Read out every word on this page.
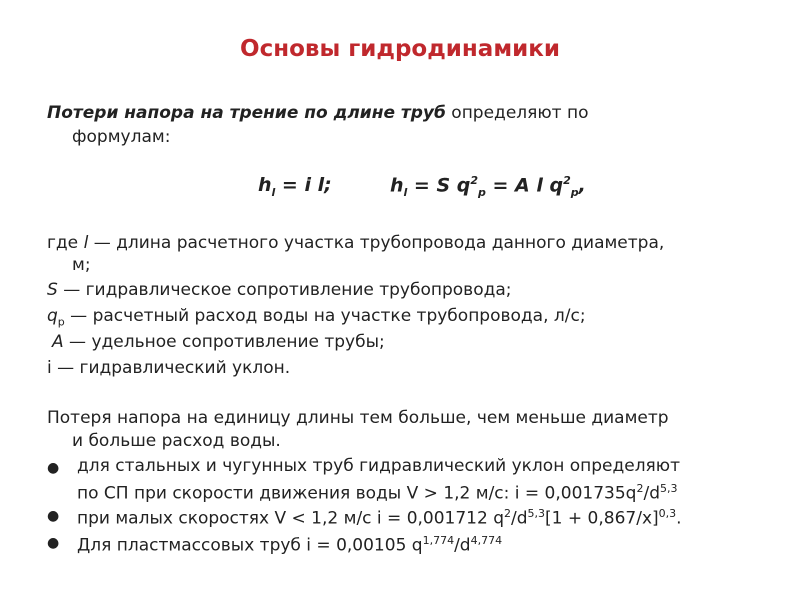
Основы гидродинамики
Потери напора на трение по длине труб определяют по
формулам:
$h_l = i$ l;	$h_l = S$ $q^2_p = A$ l $q^2_p$,
где l — длина расчетного участка трубопровода данного диаметра,
м;
S — гидравлическое сопротивление трубопровода;
$q_p$ — расчетный расход воды на участке трубопровода, л/с;
A — удельное сопротивление трубы;
i — гидравлический уклон.
Потеря напора на единицу длины тем больше, чем меньше диаметр
и больше расход воды.
● для стальных и чугунных труб гидравлический уклон определяют
по СП при скорости движения воды V > 1,2 м/с: $i = 0,001735q^2/d^{5,3}$
● при малых скоростях V < 1,2 м/с i = 0,001712 $q^2/d^{5,3}[1 + 0,867/x]^{0,3}$.
● Для пластмассовых труб i = 0,00105 $q^{1,774}/d^{4,774}$
